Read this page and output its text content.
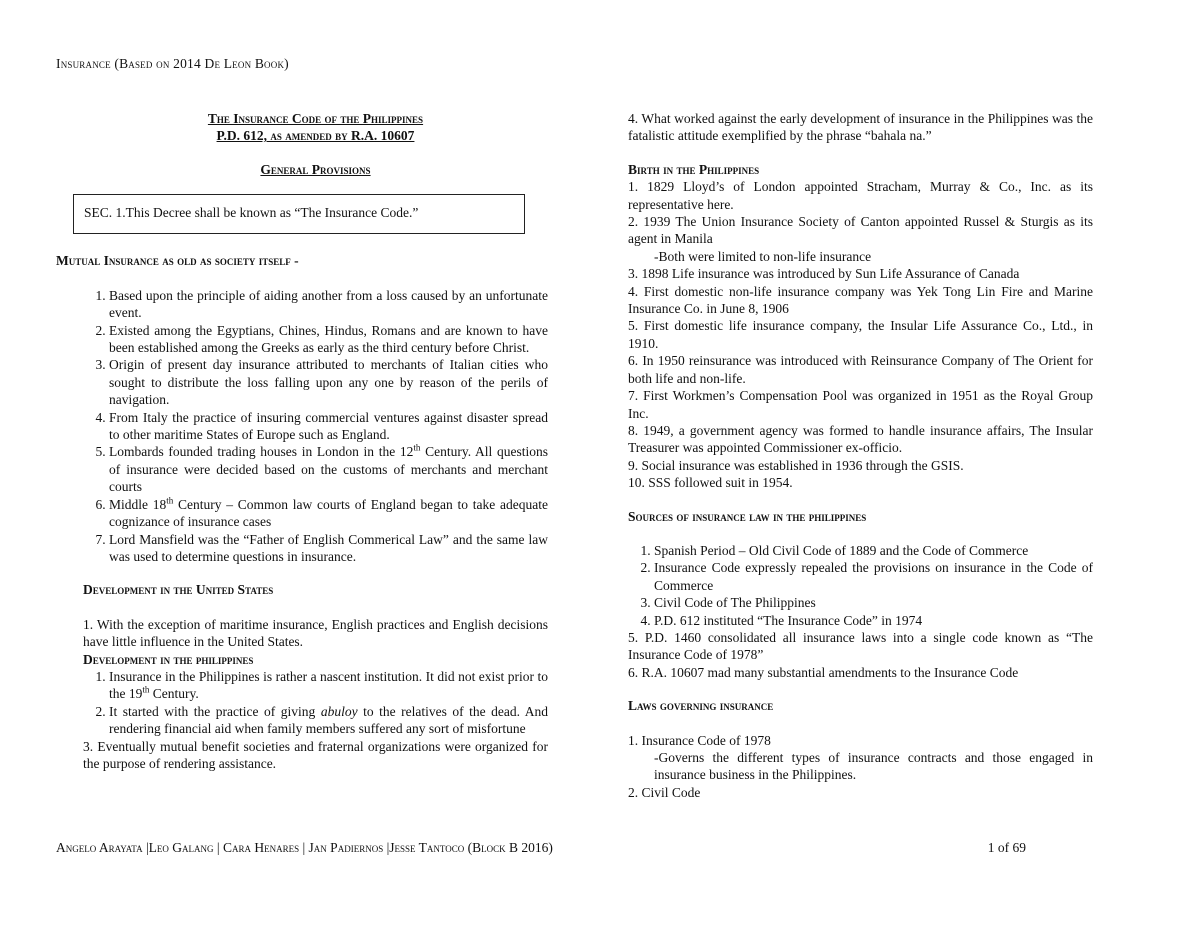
Insurance (Based on 2014 De Leon Book)
The Insurance Code of the Philippines
P.D. 612, as amended by R.A. 10607
General Provisions
SEC. 1.This Decree shall be known as “The Insurance Code.”
Mutual Insurance as old as society itself -
1. Based upon the principle of aiding another from a loss caused by an unfortunate event.
2. Existed among the Egyptians, Chines, Hindus, Romans and are known to have been established among the Greeks as early as the third century before Christ.
3. Origin of present day insurance attributed to merchants of Italian cities who sought to distribute the loss falling upon any one by reason of the perils of navigation.
4. From Italy the practice of insuring commercial ventures against disaster spread to other maritime States of Europe such as England.
5. Lombards founded trading houses in London in the 12th Century. All questions of insurance were decided based on the customs of merchants and merchant courts
6. Middle 18th Century – Common law courts of England began to take adequate cognizance of insurance cases
7. Lord Mansfield was the “Father of English Commerical Law” and the same law was used to determine questions in insurance.
Development in the United States
1. With the exception of maritime insurance, English practices and English decisions have little influence in the United States.
Development in the philippines
1. Insurance in the Philippines is rather a nascent institution. It did not exist prior to the 19th Century.
2. It started with the practice of giving abuloy to the relatives of the dead. And rendering financial aid when family members suffered any sort of misfortune
3. Eventually mutual benefit societies and fraternal organizations were organized for the purpose of rendering assistance.
4. What worked against the early development of insurance in the Philippines was the fatalistic attitude exemplified by the phrase “bahala na.”
Birth in the Philippines
1. 1829 Lloyd’s of London appointed Stracham, Murray & Co., Inc. as its representative here.
2. 1939 The Union Insurance Society of Canton appointed Russel & Sturgis as its agent in Manila
-Both were limited to non-life insurance
3. 1898 Life insurance was introduced by Sun Life Assurance of Canada
4. First domestic non-life insurance company was Yek Tong Lin Fire and Marine Insurance Co. in June 8, 1906
5. First domestic life insurance company, the Insular Life Assurance Co., Ltd., in 1910.
6. In 1950 reinsurance was introduced with Reinsurance Company of The Orient for both life and non-life.
7. First Workmen’s Compensation Pool was organized in 1951 as the Royal Group Inc.
8. 1949, a government agency was formed to handle insurance affairs, The Insular Treasurer was appointed Commissioner ex-officio.
9. Social insurance was established in 1936 through the GSIS.
10. SSS followed suit in 1954.
Sources of insurance law in the philippines
1. Spanish Period – Old Civil Code of 1889 and the Code of Commerce
2. Insurance Code expressly repealed the provisions on insurance in the Code of Commerce
3. Civil Code of The Philippines
4. P.D. 612 instituted “The Insurance Code” in 1974
5. P.D. 1460 consolidated all insurance laws into a single code known as “The Insurance Code of 1978”
6. R.A. 10607 mad many substantial amendments to the Insurance Code
Laws governing insurance
1. Insurance Code of 1978
-Governs the different types of insurance contracts and those engaged in insurance business in the Philippines.
2. Civil Code
Angelo Arayata |Leo Galang | Cara Henares | Jan Padiernos |Jesse Tantoco (Block B 2016)	1 of 69
